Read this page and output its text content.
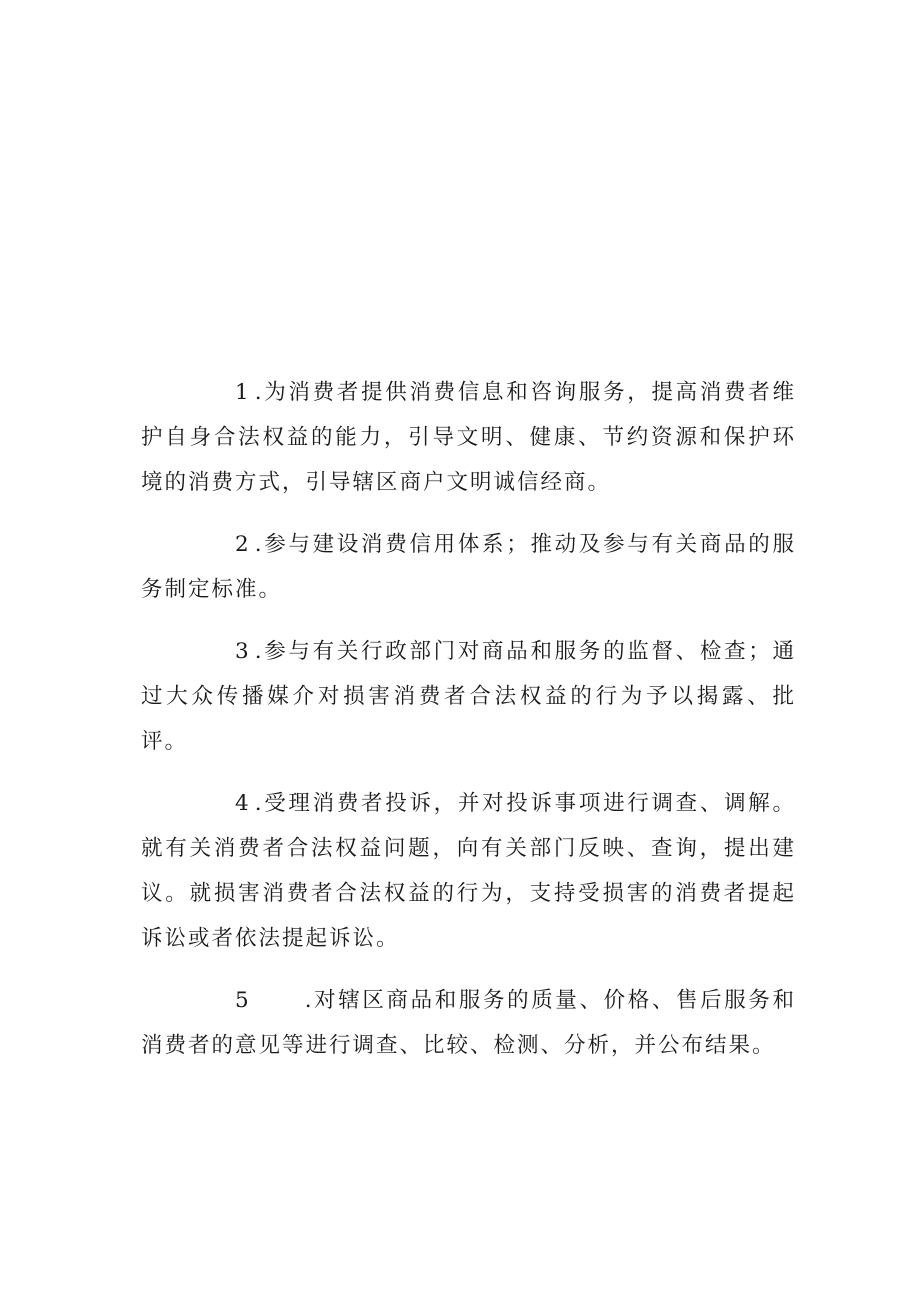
1 .为消费者提供消费信息和咨询服务，提高消费者维护自身合法权益的能力，引导文明、健康、节约资源和保护环境的消费方式，引导辖区商户文明诚信经商。

2 .参与建设消费信用体系；推动及参与有关商品的服务制定标准。

3 .参与有关行政部门对商品和服务的监督、检查；通过大众传播媒介对损害消费者合法权益的行为予以揭露、批评。

4 .受理消费者投诉，并对投诉事项进行调查、调解。就有关消费者合法权益问题，向有关部门反映、查询，提出建议。就损害消费者合法权益的行为，支持受损害的消费者提起诉讼或者依法提起诉讼。

5	.对辖区商品和服务的质量、价格、售后服务和消费者的意见等进行调查、比较、检测、分析，并公布结果。
